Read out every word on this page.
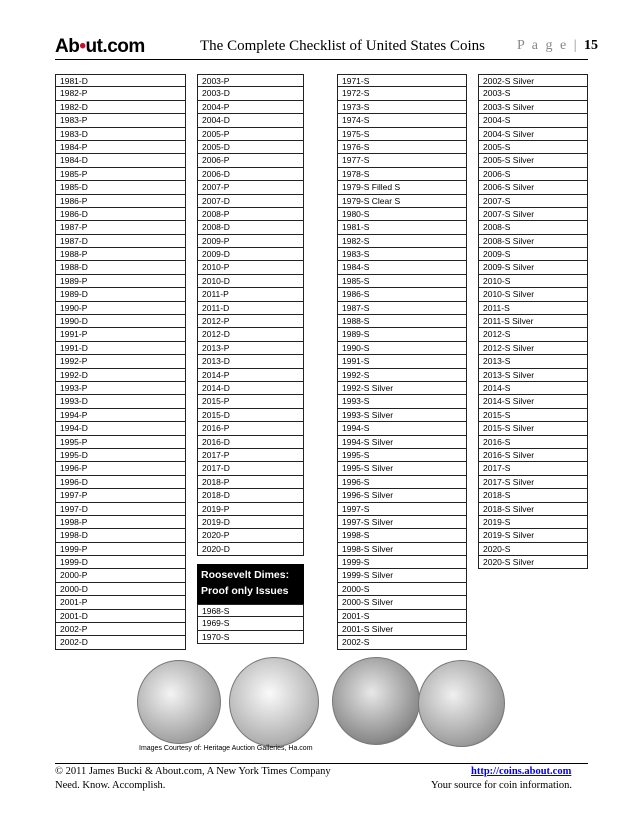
Ab•ut.com	The Complete Checklist of United States Coins P a g e | 15
1981-D
1982-P
1982-D
1983-P
1983-D
1984-P
1984-D
1985-P
1985-D
1986-P
1986-D
1987-P
1987-D
1988-P
1988-D
1989-P
1989-D
1990-P
1990-D
1991-P
1991-D
1992-P
1992-D
1993-P
1993-D
1994-P
1994-D
1995-P
1995-D
1996-P
1996-D
1997-P
1997-D
1998-P
1998-D
1999-P
1999-D
2000-P
2000-D
2001-P
2001-D
2002-P
2002-D
2003-P
2003-D
2004-P
2004-D
2005-P
2005-D
2006-P
2006-D
2007-P
2007-D
2008-P
2008-D
2009-P
2009-D
2010-P
2010-D
2011-P
2011-D
2012-P
2012-D
2013-P
2013-D
2014-P
2014-D
2015-P
2015-D
2016-P
2016-D
2017-P
2017-D
2018-P
2018-D
2019-P
2019-D
2020-P
2020-D
Roosevelt Dimes: Proof only Issues
1968-S
1969-S
1970-S
1971-S
1972-S
1973-S
1974-S
1975-S
1976-S
1977-S
1978-S
1979-S Filled S
1979-S Clear S
1980-S
1981-S
1982-S
1983-S
1984-S
1985-S
1986-S
1987-S
1988-S
1989-S
1990-S
1991-S
1992-S
1992-S Silver
1993-S
1993-S Silver
1994-S
1994-S Silver
1995-S
1995-S Silver
1996-S
1996-S Silver
1997-S
1997-S Silver
1998-S
1998-S Silver
1999-S
1999-S Silver
2000-S
2000-S Silver
2001-S
2001-S Silver
2002-S
2002-S Silver
2003-S
2003-S Silver
2004-S
2004-S Silver
2005-S
2005-S Silver
2006-S
2006-S Silver
2007-S
2007-S Silver
2008-S
2008-S Silver
2009-S
2009-S Silver
2010-S
2010-S Silver
2011-S
2011-S Silver
2012-S
2012-S Silver
2013-S
2013-S Silver
2014-S
2014-S Silver
2015-S
2015-S Silver
2016-S
2016-S Silver
2017-S
2017-S Silver
2018-S
2018-S Silver
2019-S
2019-S Silver
2020-S
2020-S Silver
Images Courtesy of: Heritage Auction Galleries, Ha.com
© 2011 James Bucki & About.com, A New York Times Company
Need. Know. Accomplish.
http://coins.about.com
Your source for coin information.
